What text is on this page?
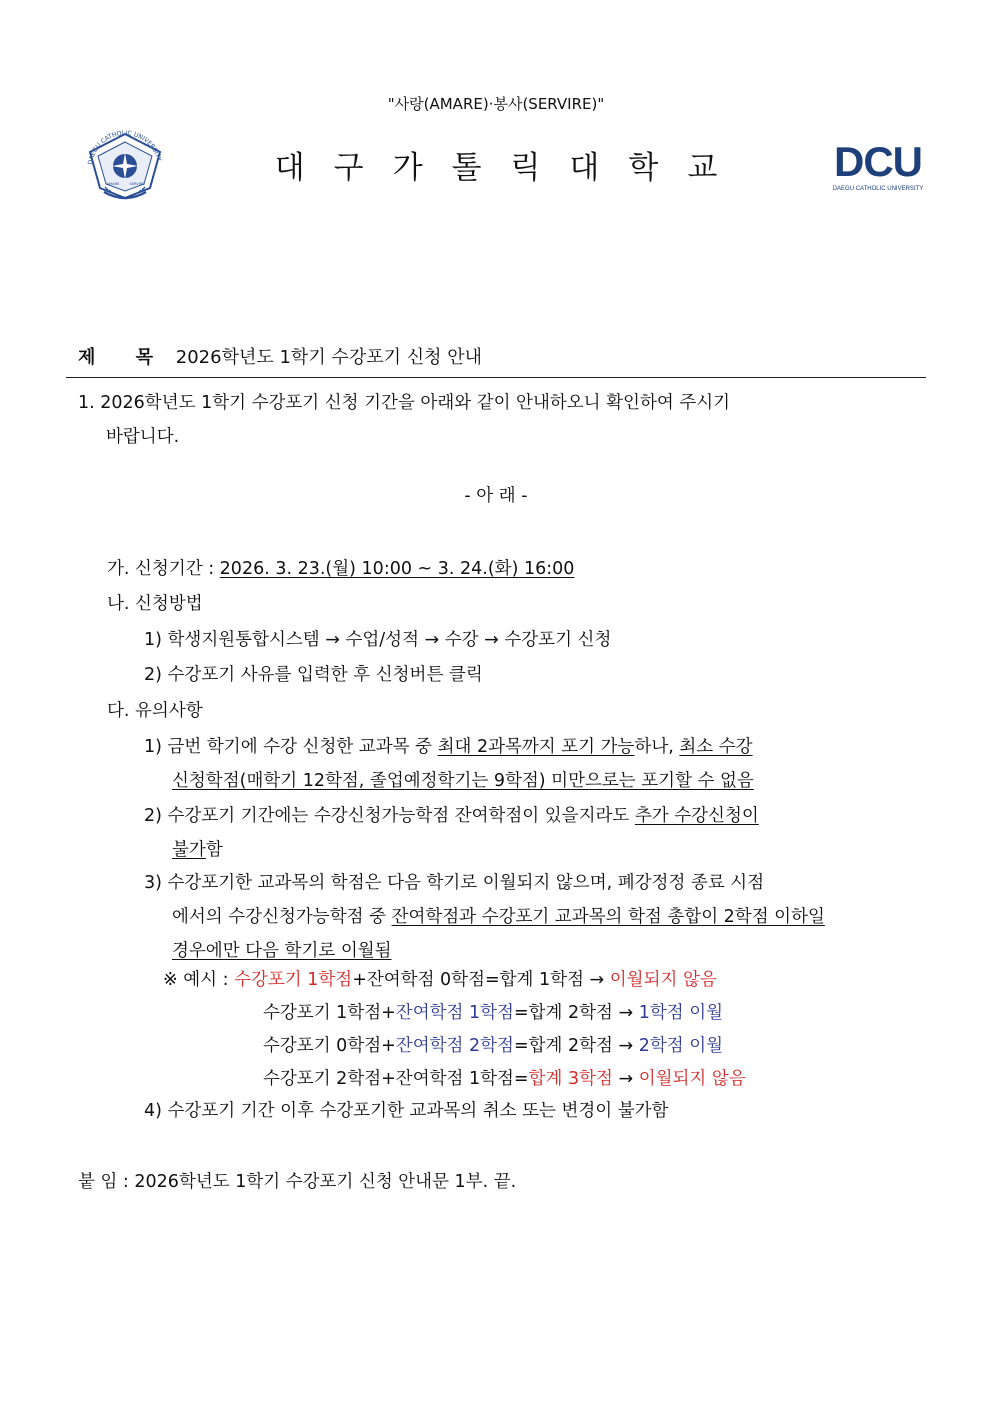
"사랑(AMARE)·봉사(SERVIRE)"
DAEGU CATHOLIC UNIVERSITY
AMARE	SERVIRE	대구가톨릭대학교	DCU
DAEGU CATHOLIC UNIVERSITY
제 목 2026학년도 1학기 수강포기 신청 안내
1. 2026학년도 1학기 수강포기 신청 기간을 아래와 같이 안내하오니 확인하여 주시기
바랍니다.
- 아 래 -
가. 신청기간 : 2026. 3. 23.(월) 10:00 ~ 3. 24.(화) 16:00
나. 신청방법
1) 학생지원통합시스템 → 수업/성적 → 수강 → 수강포기 신청
2) 수강포기 사유를 입력한 후 신청버튼 클릭
다. 유의사항
1) 금번 학기에 수강 신청한 교과목 중 최대 2과목까지 포기 가능하나, 최소 수강
신청학점(매학기 12학점, 졸업예정학기는 9학점) 미만으로는 포기할 수 없음
2) 수강포기 기간에는 수강신청가능학점 잔여학점이 있을지라도 추가 수강신청이
불가함
3) 수강포기한 교과목의 학점은 다음 학기로 이월되지 않으며, 폐강정정 종료 시점
에서의 수강신청가능학점 중 잔여학점과 수강포기 교과목의 학점 총합이 2학점 이하일
경우에만 다음 학기로 이월됨
※ 예시 : 수강포기 1학점+잔여학점 0학점=합계 1학점 → 이월되지 않음
수강포기 1학점+잔여학점 1학점=합계 2학점 → 1학점 이월
수강포기 0학점+잔여학점 2학점=합계 2학점 → 2학점 이월
수강포기 2학점+잔여학점 1학점=합계 3학점 → 이월되지 않음
4) 수강포기 기간 이후 수강포기한 교과목의 취소 또는 변경이 불가함
붙 임 : 2026학년도 1학기 수강포기 신청 안내문 1부. 끝.
